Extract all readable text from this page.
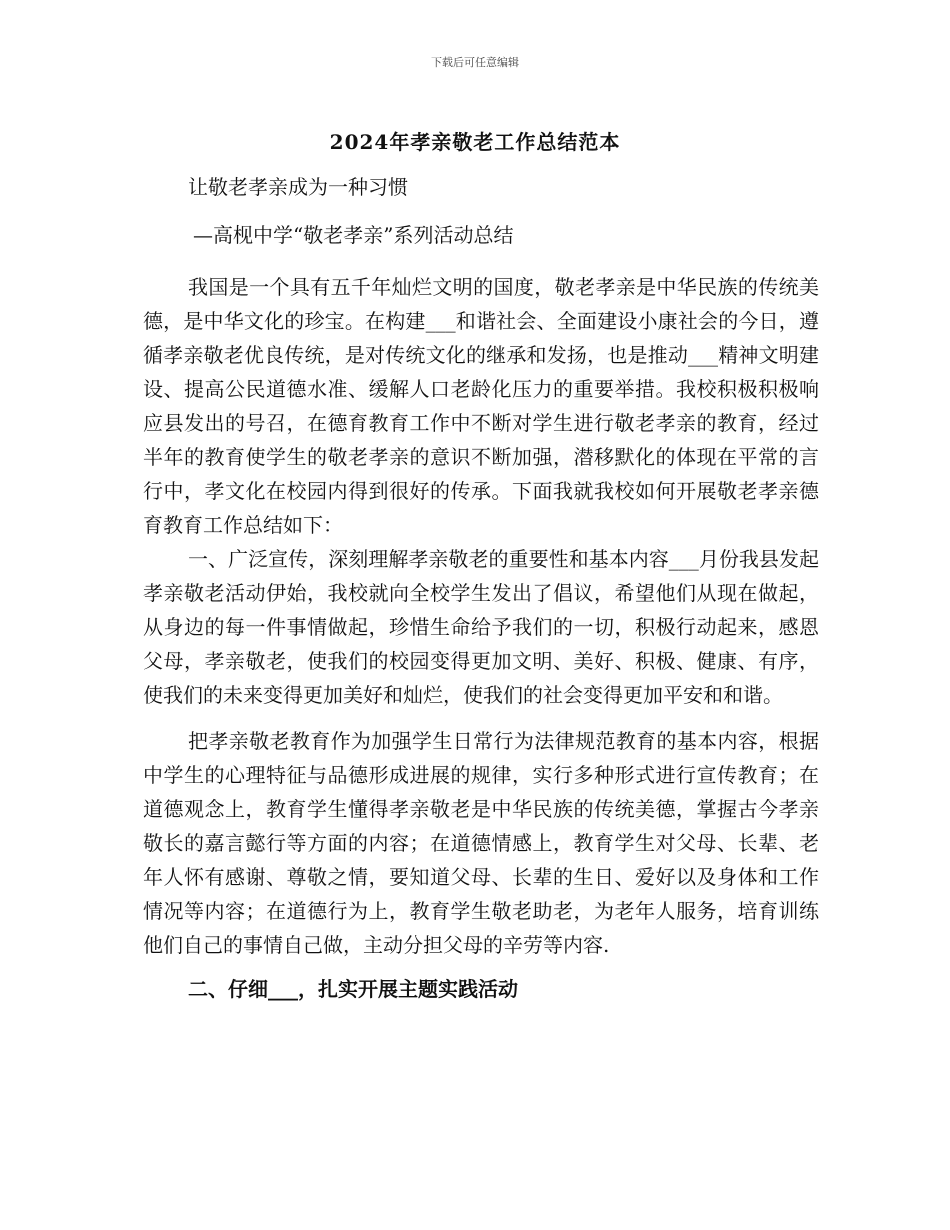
下载后可任意编辑
2024年孝亲敬老工作总结范本

让敬老孝亲成为一种习惯

—高枧中学“敬老孝亲”系列活动总结

我国是一个具有五千年灿烂文明的国度，敬老孝亲是中华民族的传统美德，是中华文化的珍宝。在构建___和谐社会、全面建设小康社会的今日，遵循孝亲敬老优良传统，是对传统文化的继承和发扬，也是推动___精神文明建设、提高公民道德水准、缓解人口老龄化压力的重要举措。我校积极积极响应县发出的号召，在德育教育工作中不断对学生进行敬老孝亲的教育，经过半年的教育使学生的敬老孝亲的意识不断加强，潜移默化的体现在平常的言行中，孝文化在校园内得到很好的传承。下面我就我校如何开展敬老孝亲德育教育工作总结如下：

一、广泛宣传，深刻理解孝亲敬老的重要性和基本内容___月份我县发起孝亲敬老活动伊始，我校就向全校学生发出了倡议，希望他们从现在做起，从身边的每一件事情做起，珍惜生命给予我们的一切，积极行动起来，感恩父母，孝亲敬老，使我们的校园变得更加文明、美好、积极、健康、有序，使我们的未来变得更加美好和灿烂，使我们的社会变得更加平安和和谐。

把孝亲敬老教育作为加强学生日常行为法律规范教育的基本内容，根据中学生的心理特征与品德形成进展的规律，实行多种形式进行宣传教育；在道德观念上，教育学生懂得孝亲敬老是中华民族的传统美德，掌握古今孝亲敬长的嘉言懿行等方面的内容；在道德情感上，教育学生对父母、长辈、老年人怀有感谢、尊敬之情，要知道父母、长辈的生日、爱好以及身体和工作情况等内容；在道德行为上，教育学生敬老助老，为老年人服务，培育训练他们自己的事情自己做，主动分担父母的辛劳等内容.

二、仔细___，扎实开展主题实践活动
